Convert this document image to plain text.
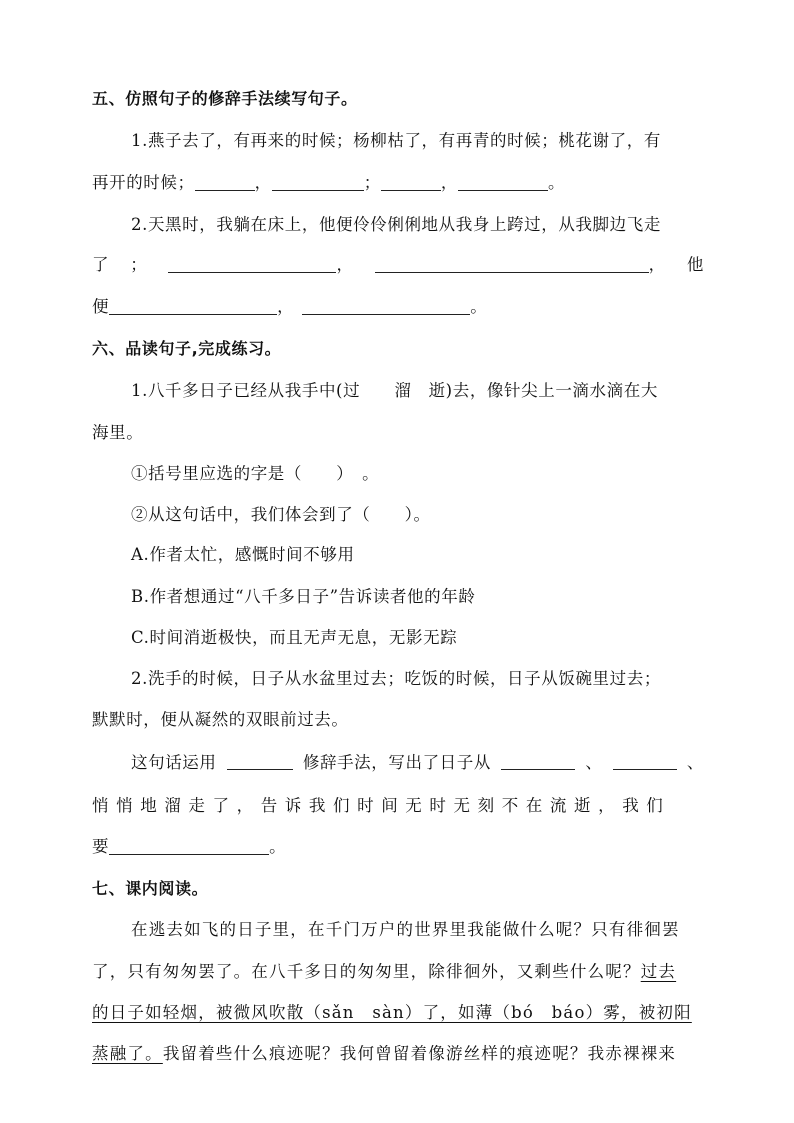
五、仿照句子的修辞手法续写句子。
1.燕子去了，有再来的时候；杨柳枯了，有再青的时候；桃花谢了，有
再开的时候；	，	；	，	。
2.天黑时，我躺在床上，他便伶伶俐俐地从我身上跨过，从我脚边飞走
了 ；	，	， 他
便	，	。
六、品读句子,完成练习。
1.八千多日子已经从我手中(过　　溜　逝)去，像针尖上一滴水滴在大
海里。
①括号里应选的字是（　　）　。
②从这句话中，我们体会到了（　　）。
A.作者太忙，感慨时间不够用
B.作者想通过“八千多日子”告诉读者他的年龄
C.时间消逝极快，而且无声无息，无影无踪
2.洗手的时候，日子从水盆里过去；吃饭的时候，日子从饭碗里过去；
默默时，便从凝然的双眼前过去。
这句话运用	修辞手法，写出了日子从	、	、
悄悄地溜走了，告诉我们时间无时无刻不在流逝，我们
要	。
七、课内阅读。
在逃去如飞的日子里，在千门万户的世界里我能做什么呢？只有徘徊罢
了，只有匆匆罢了。在八千多日的匆匆里，除徘徊外，又剩些什么呢？过去
的日子如轻烟，被微风吹散（sǎn　sàn）了，如薄（bó　báo）雾，被初阳
蒸融了。我留着些什么痕迹呢？我何曾留着像游丝样的痕迹呢？我赤裸裸来
